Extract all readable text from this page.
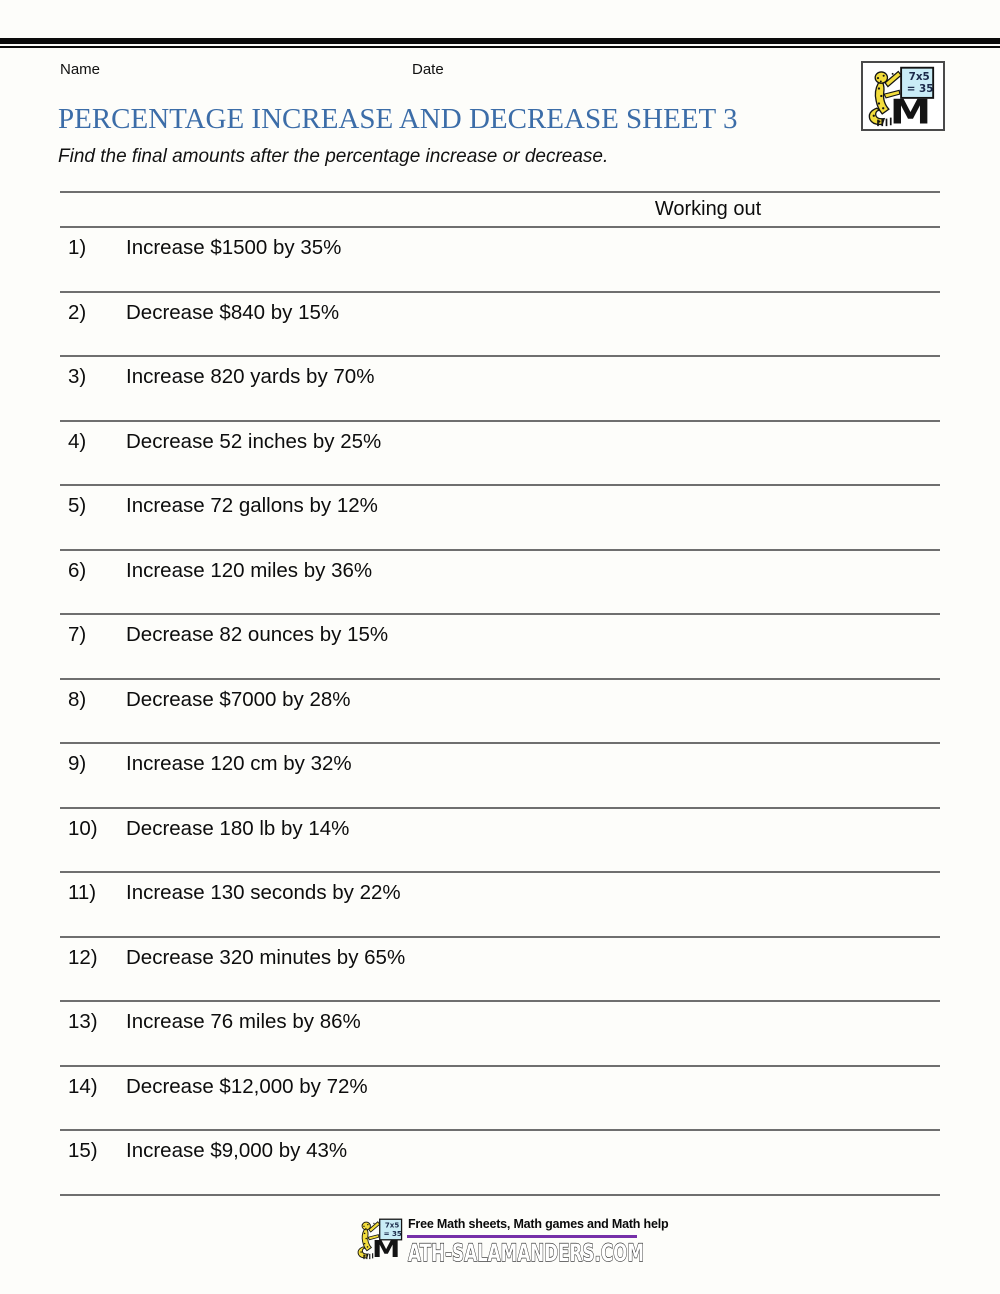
Name	Date
PERCENTAGE INCREASE AND DECREASE SHEET 3
Find the final amounts after the percentage increase or decrease.
Working out
1) Increase $1500 by 35%
2) Decrease $840 by 15%
3) Increase 820 yards by 70%
4) Decrease 52 inches by 25%
5) Increase 72 gallons by 12%
6) Increase 120 miles by 36%
7) Decrease 82 ounces by 15%
8) Decrease $7000 by 28%
9) Increase 120 cm by 32%
10) Decrease 180 lb by 14%
11) Increase 130 seconds by 22%
12) Decrease 320 minutes by 65%
13) Increase 76 miles by 86%
14) Decrease $12,000 by 72%
15) Increase $9,000 by 43%
Free Math sheets, Math games and Math help
ATH-SALAMANDERS.COM
